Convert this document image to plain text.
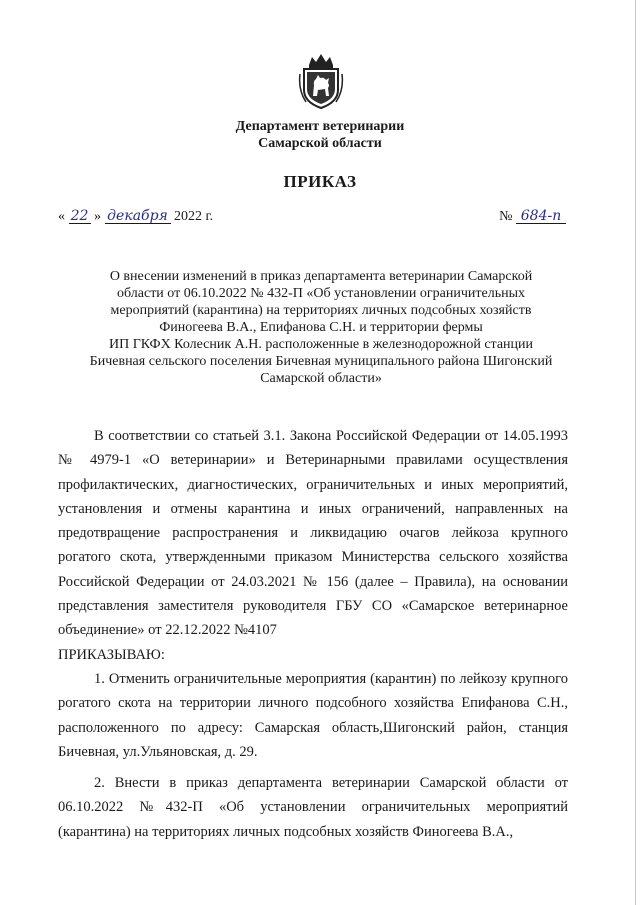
Департамент ветеринарии
Самарской области
ПРИКАЗ
« 22 » декабря 2022 г.	№ 684-п
О внесении изменений в приказ департамента ветеринарии Самарской
области от 06.10.2022 № 432-П «Об установлении ограничительных
мероприятий (карантина) на территориях личных подсобных хозяйств
Финогеева В.А., Епифанова С.Н. и территории фермы
ИП ГКФХ Колесник А.Н. расположенные в железнодорожной станции
Бичевная сельского поселения Бичевная муниципального района Шигонский
Самарской области»

В соответствии со статьей 3.1. Закона Российской Федерации от 14.05.1993 № 4979-1 «О ветеринарии» и Ветеринарными правилами осуществления профилактических, диагностических, ограничительных и иных мероприятий, установления и отмены карантина и иных ограничений, направленных на предотвращение распространения и ликвидацию очагов лейкоза крупного рогатого скота, утвержденными приказом Министерства сельского хозяйства Российской Федерации от 24.03.2021 № 156 (далее – Правила), на основании представления заместителя руководителя ГБУ СО «Самарское ветеринарное объединение» от 22.12.2022 №4107

ПРИКАЗЫВАЮ:

1. Отменить ограничительные мероприятия (карантин) по лейкозу крупного рогатого скота на территории личного подсобного хозяйства Епифанова С.Н., расположенного по адресу: Самарская область,Шигонский район, станция Бичевная, ул.Ульяновская, д. 29.

2. Внести в приказ департамента ветеринарии Самарской области от 06.10.2022 №432-П «Об установлении ограничительных мероприятий (карантина) на территориях личных подсобных хозяйств Финогеева В.А.,
